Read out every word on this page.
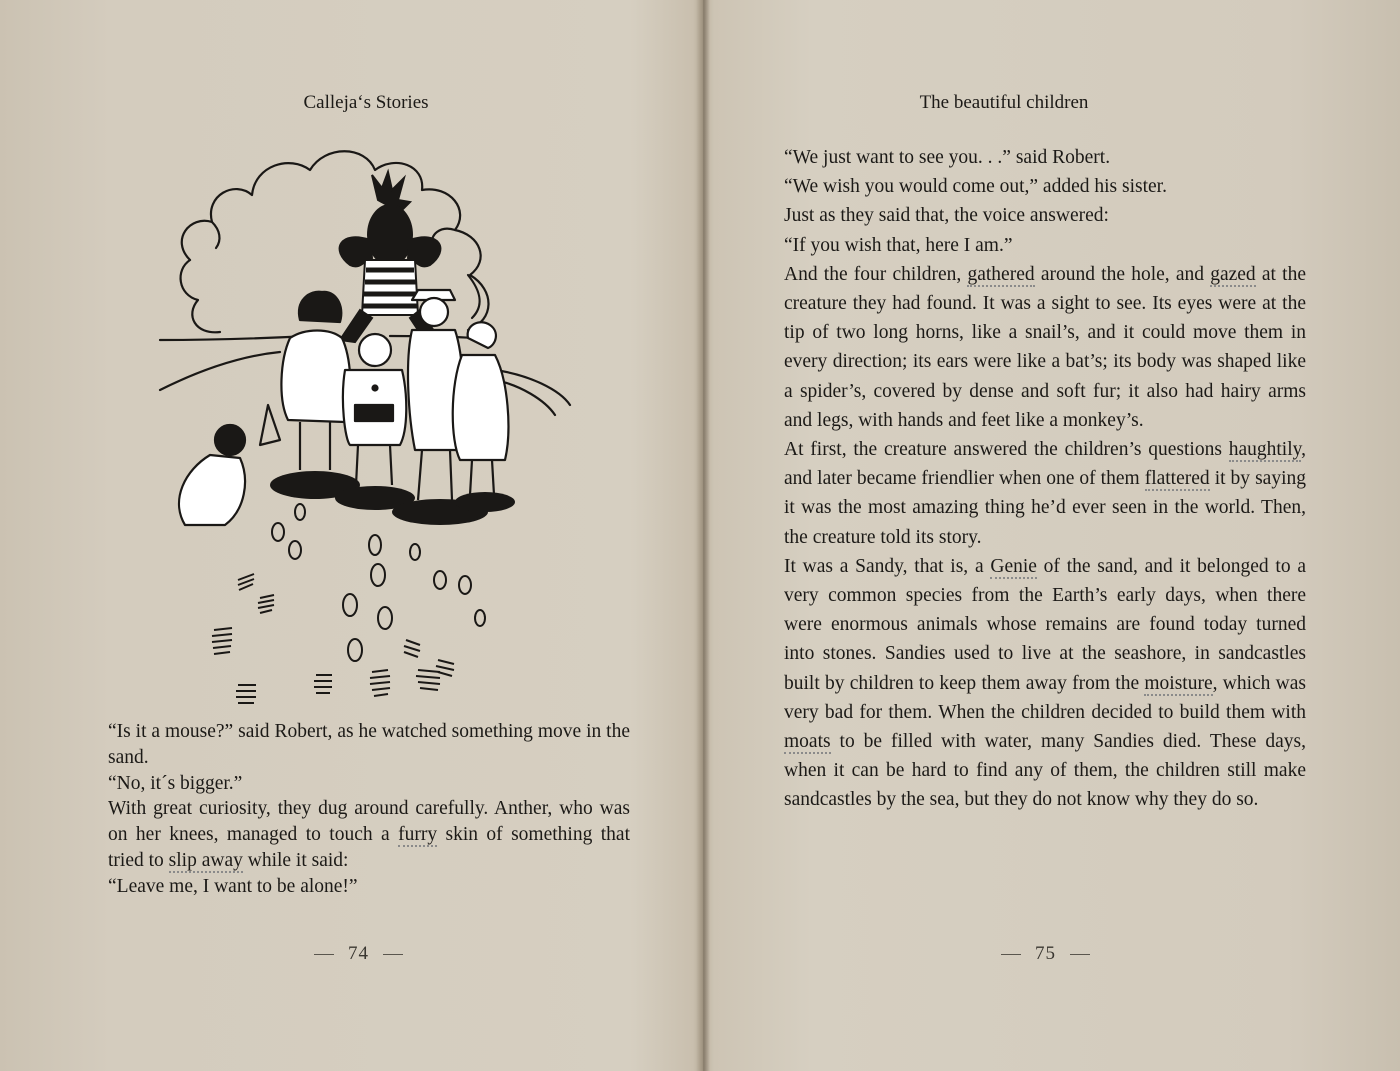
Calleja‘s Stories

“Is it a mouse?” said Robert, as he watched something move in the sand.

“No, it´s bigger.”

With great curiosity, they dug around carefully. Anther, who was on her knees, managed to touch a furry skin of something that tried to slip away while it said:

“Leave me, I want to be alone!”

74
The beautiful children

“We just want to see you. . .” said Robert.

“We wish you would come out,” added his sister.

Just as they said that, the voice answered:

“If you wish that, here I am.”

And the four children, gathered around the hole, and gazed at the creature they had found. It was a sight to see. Its eyes were at the tip of two long horns, like a snail’s, and it could move them in every direction; its ears were like a bat’s; its body was shaped like a spider’s, covered by dense and soft fur; it also had hairy arms and legs, with hands and feet like a monkey’s.

At first, the creature answered the children’s questions haughtily, and later became friendlier when one of them flattered it by saying it was the most amazing thing he’d ever seen in the world. Then, the creature told its story.

It was a Sandy, that is, a Genie of the sand, and it belonged to a very common species from the Earth’s early days, when there were enormous animals whose remains are found today turned into stones. Sandies used to live at the seashore, in sandcastles built by children to keep them away from the moisture, which was very bad for them. When the children decided to build them with moats to be filled with water, many Sandies died. These days, when it can be hard to find any of them, the children still make sandcastles by the sea, but they do not know why they do so.

75
